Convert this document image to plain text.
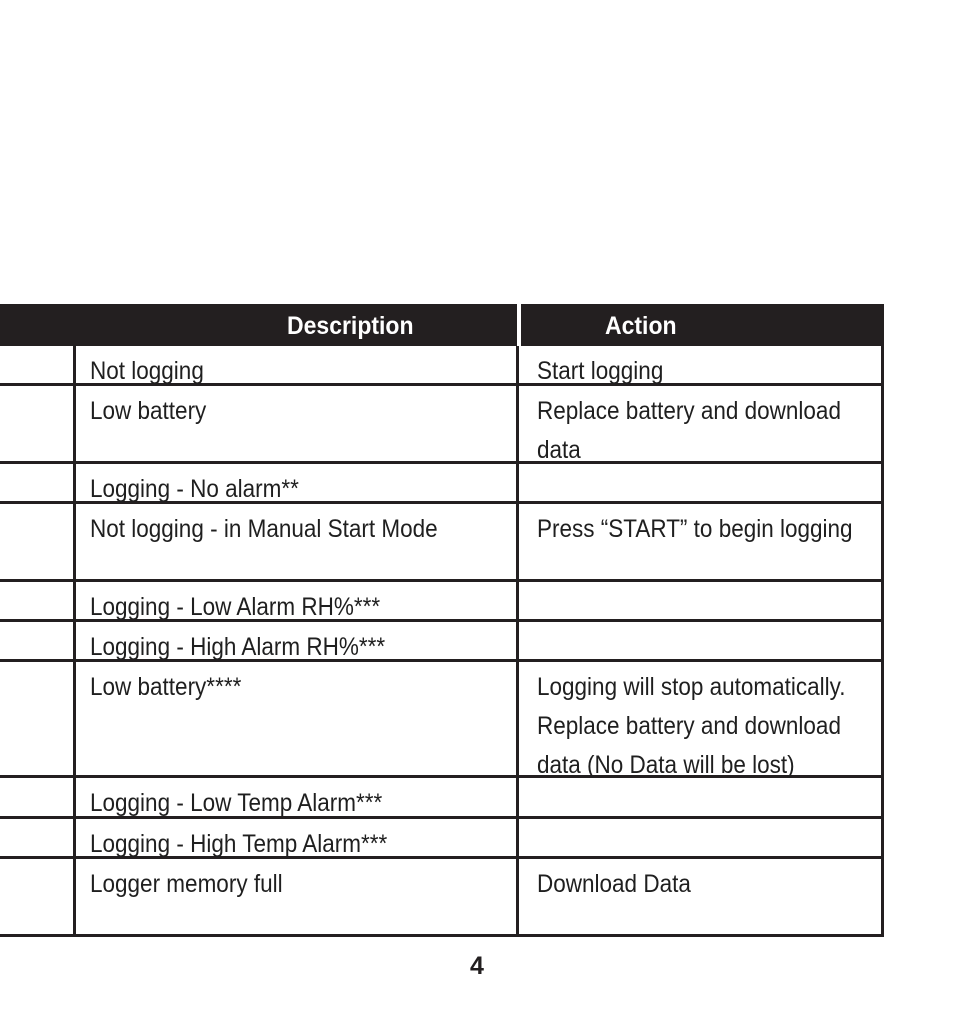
Description	Action
Not logging	Start logging
Low battery	Replace battery and download
data
Logging - No alarm**
Not logging - in Manual Start Mode	Press “START” to begin logging
Logging - Low Alarm RH%***
Logging - High Alarm RH%***
Low battery****	Logging will stop automatically.
Replace battery and download
data (No Data will be lost)
Logging - Low Temp Alarm***
Logging - High Temp Alarm***
Logger memory full	Download Data
4
